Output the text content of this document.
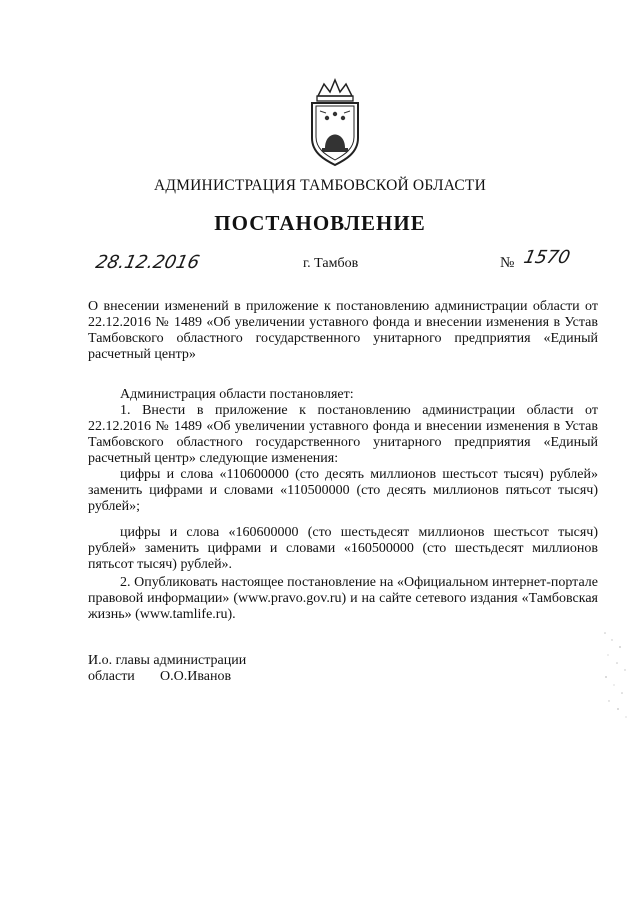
АДМИНИСТРАЦИЯ ТАМБОВСКОЙ ОБЛАСТИ
ПОСТАНОВЛЕНИЕ
28.12.2016	г. Тамбов	№ 1570
О внесении изменений в приложение к постановлению администрации области от 22.12.2016 № 1489 «Об увеличении уставного фонда и внесении изменения в Устав Тамбовского областного государственного унитарного предприятия «Единый расчетный центр»
Администрация области постановляет:
1. Внести в приложение к постановлению администрации области от 22.12.2016 № 1489 «Об увеличении уставного фонда и внесении изменения в Устав Тамбовского областного государственного унитарного предприятия «Единый расчетный центр» следующие изменения:
цифры и слова «110600000 (сто десять миллионов шестьсот тысяч) рублей» заменить цифрами и словами «110500000 (сто десять миллионов пятьсот тысяч) рублей»;
цифры и слова «160600000 (сто шестьдесят миллионов шестьсот тысяч) рублей» заменить цифрами и словами «160500000 (сто шестьдесят миллионов пятьсот тысяч) рублей».
2. Опубликовать настоящее постановление на «Официальном интернет-портале правовой информации» (www.pravo.gov.ru) и на сайте сетевого издания «Тамбовская жизнь» (www.tamlife.ru).
И.о. главы администрации
области О.О.Иванов
